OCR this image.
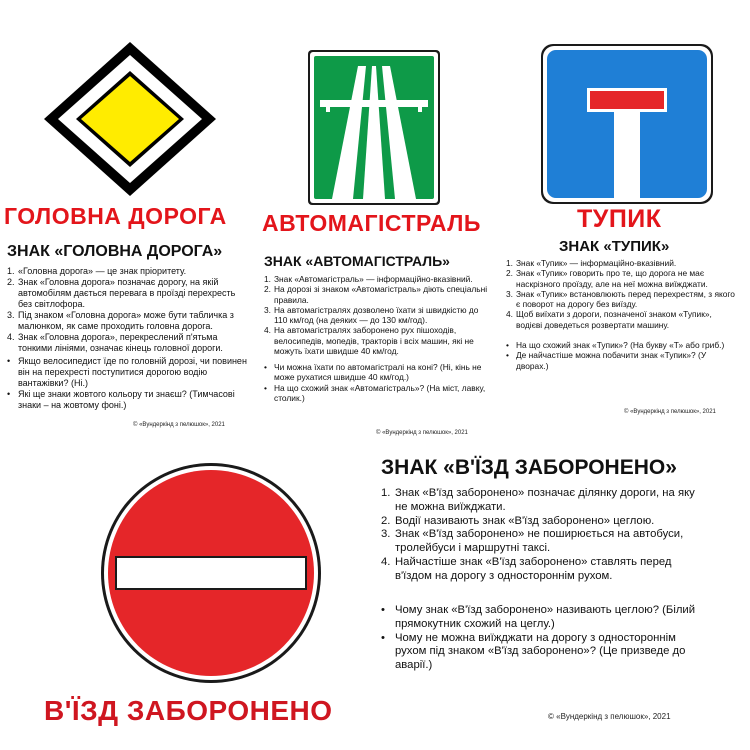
ГОЛОВНА ДОРОГА
ЗНАК «ГОЛОВНА ДОРОГА»
1. «Головна дорога» — це знак пріоритету.
2. Знак «Головна дорога» позначає дорогу, на якій автомобілям дається перевага в проїзді перехресть без світлофора.
3. Під знаком «Головна дорога» може бути табличка з малюнком, як саме проходить головна дорога.
4. Знак «Головна дорога», перекреслений п'ятьма тонкими лініями, означає кінець головної дороги.
• Якщо велосипедист їде по головній дорозі, чи повинен він на перехресті поступитися дорогою водію вантажівки? (Ні.)
• Які ще знаки жовтого кольору ти знаєш? (Тимчасові знаки – на жовтому фоні.)
© «Вундеркінд з пелюшок», 2021
АВТОМАГІСТРАЛЬ
ЗНАК «АВТОМАГІСТРАЛЬ»
1. Знак «Автомагістраль» — інформаційно-вказівний.
2. На дорозі зі знаком «Автомагістраль» діють спеціальні правила.
3. На автомагістралях дозволено їхати зі швидкістю до 110 км/год (на деяких — до 130 км/год).
4. На автомагістралях заборонено рух пішоходів, велосипедів, мопедів, тракторів і всіх машин, які не можуть їхати швидше 40 км/год.
• Чи можна їхати по автомагістралі на коні? (Ні, кінь не може рухатися швидше 40 км/год.)
• На що схожий знак «Автомагістраль»? (На міст, лавку, столик.)
© «Вундеркінд з пелюшок», 2021
ТУПИК
ЗНАК «ТУПИК»
1. Знак «Тупик» — інформаційно-вказівний.
2. Знак «Тупик» говорить про те, що дорога не має наскрізного проїзду, але на неї можна виїжджати.
3. Знак «Тупик» встановлюють перед перехрестям, з якого є поворот на дорогу без виїзду.
4. Щоб виїхати з дороги, позначеної знаком «Тупик», водієві доведеться розвертати машину.
• На що схожий знак «Тупик»? (На букву «Т» або гриб.)
• Де найчастіше можна побачити знак «Тупик»? (У дворах.)
© «Вундеркінд з пелюшок», 2021
В'ЇЗД ЗАБОРОНЕНО
ЗНАК «В'ЇЗД ЗАБОРОНЕНО»
1. Знак «В'їзд заборонено» позначає ділянку дороги, на яку не можна виїжджати.
2. Водії називають знак «В'їзд заборонено» цеглою.
3. Знак «В'їзд заборонено» не поширюється на автобуси, тролейбуси і маршрутні таксі.
4. Найчастіше знак «В'їзд заборонено» ставлять перед в'їздом на дорогу з одностороннім рухом.
• Чому знак «В'їзд заборонено» називають цеглою? (Білий прямокутник схожий на цеглу.)
• Чому не можна виїжджати на дорогу з одностороннім рухом під знаком «В'їзд заборонено»? (Це призведе до аварії.)
© «Вундеркінд з пелюшок», 2021
